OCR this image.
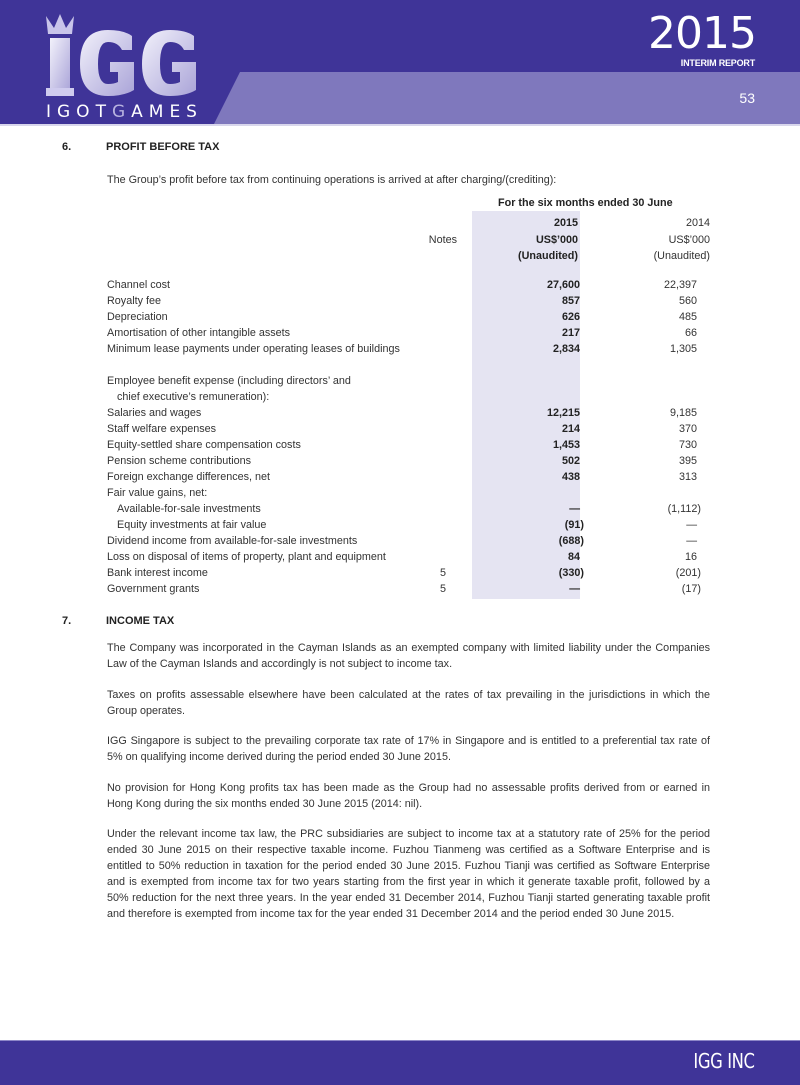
IGOTGAMES
2015
INTERIM REPORT
53
6.	PROFIT BEFORE TAX
The Group’s profit before tax from continuing operations is arrived at after charging/(crediting):
For the six months ended 30 June
2015	2014
Notes	US$’000	US$’000
(Unaudited)	(Unaudited)
Channel cost	27,600	22,397
Royalty fee	857	560
Depreciation	626	485
Amortisation of other intangible assets	217	66
Minimum lease payments under operating leases of buildings	2,834	1,305
Employee benefit expense (including directors’ and
chief executive’s remuneration):
Salaries and wages	12,215	9,185
Staff welfare expenses	214	370
Equity-settled share compensation costs	1,453	730
Pension scheme contributions	502	395
Foreign exchange differences, net	438	313
Fair value gains, net:
Available-for-sale investments	—	(1,112)
Equity investments at fair value	(91)	—
Dividend income from available-for-sale investments	(688)	—
Loss on disposal of items of property, plant and equipment	84	16
Bank interest income	5	(330)	(201)
Government grants	5	—	(17)
7.	INCOME TAX
The Company was incorporated in the Cayman Islands as an exempted company with limited liability under the Companies Law of the Cayman Islands and accordingly is not subject to income tax.
Taxes on profits assessable elsewhere have been calculated at the rates of tax prevailing in the jurisdictions in which the Group operates.
IGG Singapore is subject to the prevailing corporate tax rate of 17% in Singapore and is entitled to a preferential tax rate of 5% on qualifying income derived during the period ended 30 June 2015.
No provision for Hong Kong profits tax has been made as the Group had no assessable profits derived from or earned in Hong Kong during the six months ended 30 June 2015 (2014: nil).
Under the relevant income tax law, the PRC subsidiaries are subject to income tax at a statutory rate of 25% for the period ended 30 June 2015 on their respective taxable income. Fuzhou Tianmeng was certified as a Software Enterprise and is entitled to 50% reduction in taxation for the period ended 30 June 2015. Fuzhou Tianji was certified as Software Enterprise and is exempted from income tax for two years starting from the first year in which it generate taxable profit, followed by a 50% reduction for the next three years. In the year ended 31 December 2014, Fuzhou Tianji started generating taxable profit and therefore is exempted from income tax for the year ended 31 December 2014 and the period ended 30 June 2015.
IGG INC
